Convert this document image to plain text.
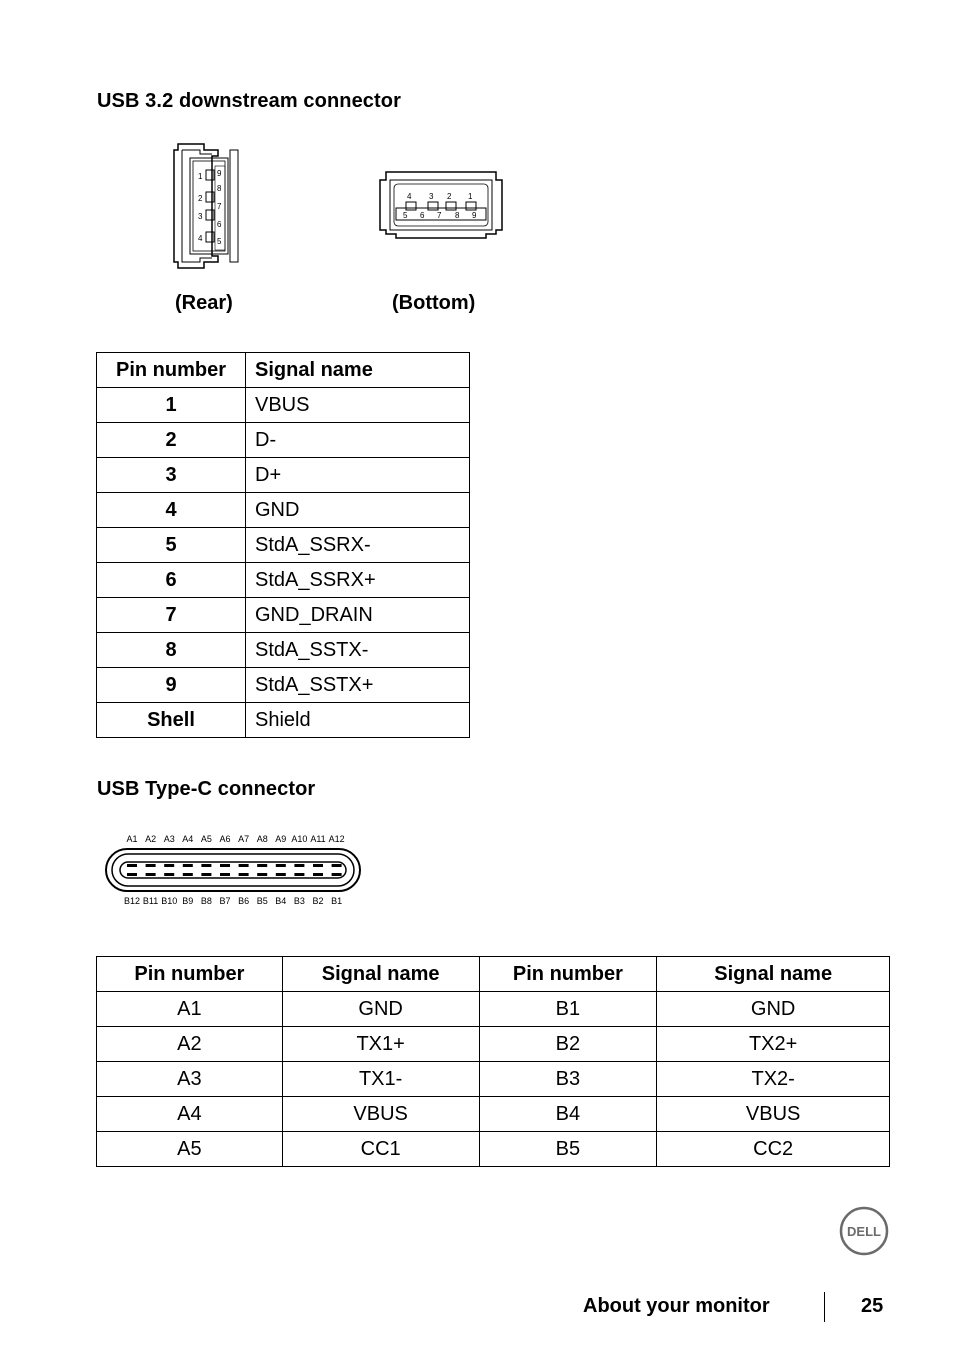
USB 3.2 downstream connector
1
2
3
4
9
8
7
6
5
4 3 2 1
5 6 7 8 9
(Rear)	(Bottom)
Pin number	Signal name
1	VBUS
2	D-
3	D+
4	GND
5	StdA_SSRX-
6	StdA_SSRX+
7	GND_DRAIN
8	StdA_SSTX-
9	StdA_SSTX+
Shell	Shield
USB Type-C connector
A1 A2 A3 A4 A5 A6 A7 A8 A9 A10 A11 A12
B12 B11 B10 B9 B8 B7 B6 B5 B4 B3 B2 B1
Pin number	Signal name	Pin number	Signal name
A1	GND	B1	GND
A2	TX1+	B2	TX2+
A3	TX1-	B3	TX2-
A4	VBUS	B4	VBUS
A5	CC1	B5	CC2
DELL
About your monitor	25
